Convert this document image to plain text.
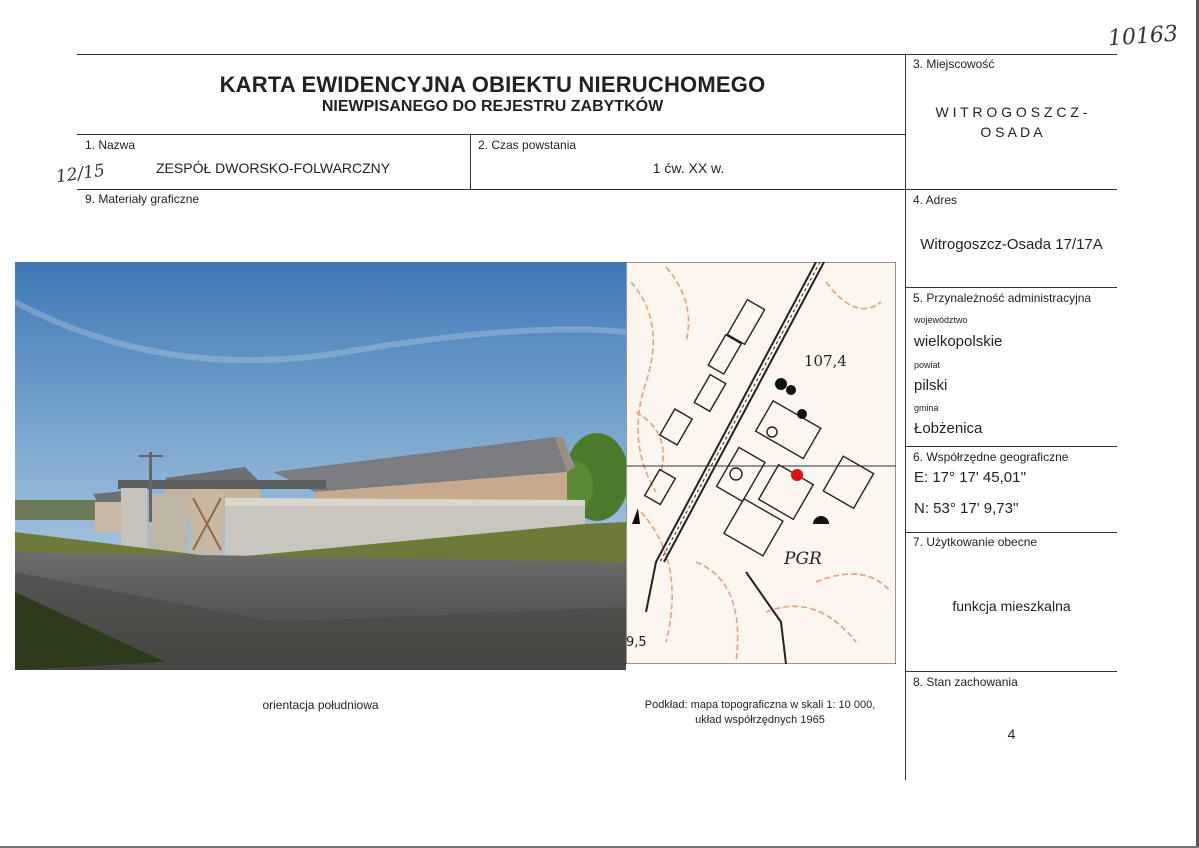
10163
KARTA EWIDENCYJNA OBIEKTU NIERUCHOMEGO
NIEWPISANEGO DO REJESTRU ZABYTKÓW
1. Nazwa
12/15	ZESPÓŁ DWORSKO-FOLWARCZNY
2. Czas powstania
1 ćw. XX w.
3. Miejscowość
W I T R O G O S Z C Z -
O S A D A
4. Adres
Witrogoszcz-Osada 17/17A
5. Przynależność administracyjna
województwo
wielkopolskie
powiat
pilski
gmina
Łobżenica
6. Współrzędne geograficzne
E: 17° 17' 45,01''
N: 53° 17' 9,73''
7. Użytkowanie obecne
funkcja mieszkalna
8. Stan zachowania
4
9. Materiały graficzne
107,4
PGR
9,5
orientacja południowa	Podkład: mapa topograficzna w skali 1: 10 000,
układ współrzędnych 1965
